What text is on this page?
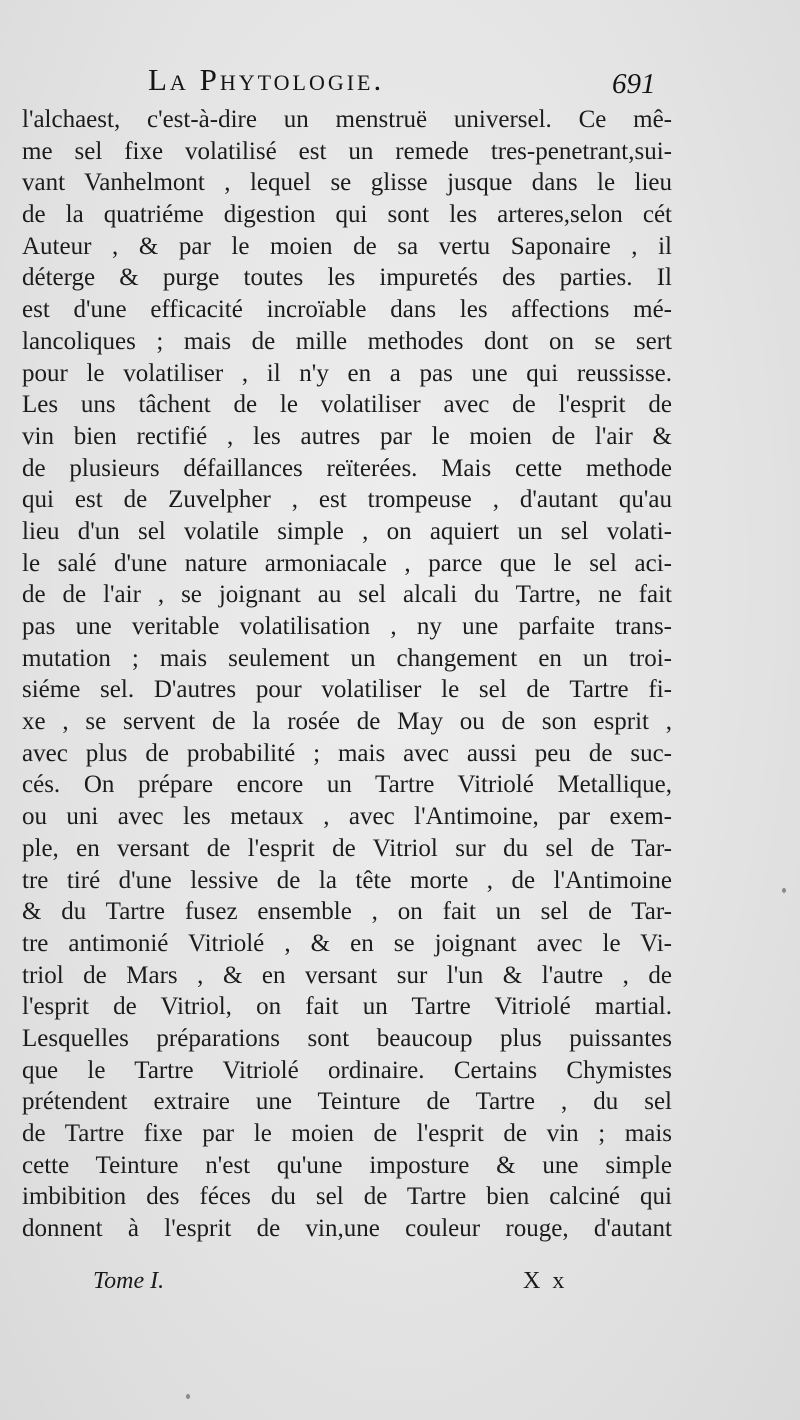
La Phytologie.	691
l'alchaest, c'est-à-dire un menstruë universel. Ce mê-
me sel fixe volatilisé est un remede tres-penetrant,sui-
vant Vanhelmont , lequel se glisse jusque dans le lieu
de la quatriéme digestion qui sont les arteres,selon cét
Auteur , & par le moien de sa vertu Saponaire , il
déterge & purge toutes les impuretés des parties. Il
est d'une efficacité incroïable dans les affections mé-
lancoliques ; mais de mille methodes dont on se sert
pour le volatiliser , il n'y en a pas une qui reussisse.
Les uns tâchent de le volatiliser avec de l'esprit de
vin bien rectifié , les autres par le moien de l'air &
de plusieurs défaillances reïterées. Mais cette methode
qui est de Zuvelpher , est trompeuse , d'autant qu'au
lieu d'un sel volatile simple , on aquiert un sel volati-
le salé d'une nature armoniacale , parce que le sel aci-
de de l'air , se joignant au sel alcali du Tartre, ne fait
pas une veritable volatilisation , ny une parfaite trans-
mutation ; mais seulement un changement en un troi-
siéme sel. D'autres pour volatiliser le sel de Tartre fi-
xe , se servent de la rosée de May ou de son esprit ,
avec plus de probabilité ; mais avec aussi peu de suc-
cés. On prépare encore un Tartre Vitriolé Metallique,
ou uni avec les metaux , avec l'Antimoine, par exem-
ple, en versant de l'esprit de Vitriol sur du sel de Tar-
tre tiré d'une lessive de la tête morte , de l'Antimoine
& du Tartre fusez ensemble , on fait un sel de Tar-
tre antimonié Vitriolé , & en se joignant avec le Vi-
triol de Mars , & en versant sur l'un & l'autre , de
l'esprit de Vitriol, on fait un Tartre Vitriolé martial.
Lesquelles préparations sont beaucoup plus puissantes
que le Tartre Vitriolé ordinaire. Certains Chymistes
prétendent extraire une Teinture de Tartre , du sel
de Tartre fixe par le moien de l'esprit de vin ; mais
cette Teinture n'est qu'une imposture & une simple
imbibition des féces du sel de Tartre bien calciné qui
donnent à l'esprit de vin,une couleur rouge, d'autant
Tome I.	X x
